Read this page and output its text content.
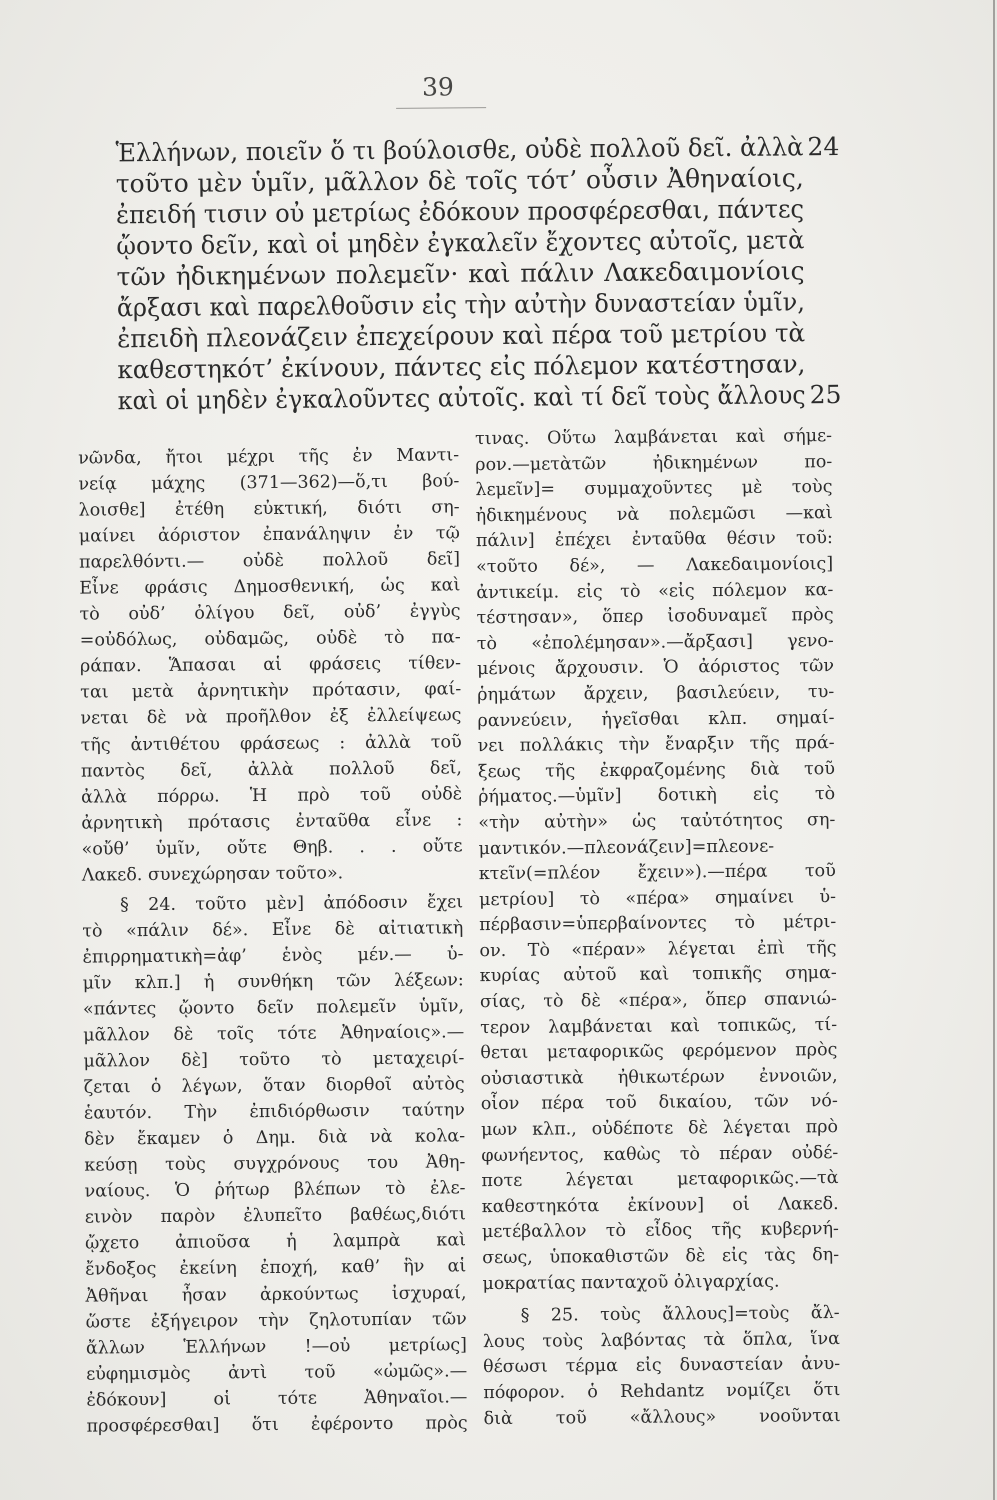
39
Ἑλλήνων, ποιεῖν ὅ τι βούλοισθε, οὐδὲ πολλοῦ δεῖ. ἀλλὰ 24
τοῦτο μὲν ὑμῖν, μᾶλλον δὲ τοῖς τότ’ οὖσιν Ἀθηναίοις,
ἐπειδή τισιν οὐ μετρίως ἐδόκουν προσφέρεσθαι, πάντες
ᾤοντο δεῖν, καὶ οἱ μηδὲν ἐγκαλεῖν ἔχοντες αὐτοῖς, μετὰ
τῶν ἠδικημένων πολεμεῖν· καὶ πάλιν Λακεδαιμονίοις
ἄρξασι καὶ παρελθοῦσιν εἰς τὴν αὐτὴν δυναστείαν ὑμῖν,
ἐπειδὴ πλεονάζειν ἐπεχείρουν καὶ πέρα τοῦ μετρίου τὰ
καθεστηκότ’ ἐκίνουν, πάντες εἰς πόλεμον κατέστησαν,
καὶ οἱ μηδὲν ἐγκαλοῦντες αὐτοῖς. καὶ τί δεῖ τοὺς ἄλλους 25
νῶνδα, ἤτοι μέχρι τῆς ἐν Μαντι-
νείᾳ μάχης (371—362)—ὅ,τι βού-
λοισθε] ἐτέθη εὐκτική, διότι ση-
μαίνει ἀόριστον ἐπανάληψιν ἐν τῷ
παρελθόντι.— οὐδὲ πολλοῦ δεῖ]
Εἶνε φράσις Δημοσθενική, ὡς καὶ
τὸ οὐδ’ ὀλίγου δεῖ, οὐδ’ ἐγγὺς
=οὐδόλως, οὐδαμῶς, οὐδὲ τὸ πα-
ράπαν. Ἅπασαι αἱ φράσεις τίθεν-
ται μετὰ ἀρνητικὴν πρότασιν, φαί-
νεται δὲ νὰ προῆλθον ἐξ ἐλλείψεως
τῆς ἀντιθέτου φράσεως : ἀλλὰ τοῦ
παντὸς δεῖ, ἀλλὰ πολλοῦ δεῖ,
ἀλλὰ πόρρω. Ἡ πρὸ τοῦ οὐδὲ
ἀρνητικὴ πρότασις ἐνταῦθα εἶνε :
«οὔθ’ ὑμῖν, οὔτε Θηβ. . . οὔτε
Λακεδ. συνεχώρησαν τοῦτο».
§ 24. τοῦτο μὲν] ἀπόδοσιν ἔχει
τὸ «πάλιν δέ». Εἶνε δὲ αἰτιατικὴ
ἐπιρρηματικὴ=ἀφ’ ἑνὸς μέν.— ὑ-
μῖν κλπ.] ἡ συνθήκη τῶν λέξεων:
«πάντες ᾤοντο δεῖν πολεμεῖν ὑμῖν,
μᾶλλον δὲ τοῖς τότε Ἀθηναίοις».—
μᾶλλον δὲ] τοῦτο τὸ μεταχειρί-
ζεται ὁ λέγων, ὅταν διορθοῖ αὐτὸς
ἑαυτόν. Τὴν ἐπιδιόρθωσιν ταύτην
δὲν ἔκαμεν ὁ Δημ. διὰ νὰ κολα-
κεύσῃ τοὺς συγχρόνους του Ἀθη-
ναίους. Ὁ ῥήτωρ βλέπων τὸ ἐλε-
εινὸν παρὸν ἐλυπεῖτο βαθέως,διότι
ᾤχετο ἀπιοῦσα ἡ λαμπρὰ καὶ
ἔνδοξος ἐκείνη ἐποχή, καθ’ ἣν αἱ
Ἀθῆναι ἦσαν ἀρκούντως ἰσχυραί,
ὥστε ἐξήγειρον τὴν ζηλοτυπίαν τῶν
ἄλλων Ἑλλήνων !—οὐ μετρίως]
εὐφημισμὸς ἀντὶ τοῦ «ὠμῶς».—
ἐδόκουν] οἱ τότε Ἀθηναῖοι.—
προσφέρεσθαι] ὅτι ἐφέροντο πρὸς
τινας. Οὕτω λαμβάνεται καὶ σήμε-
ρον.—μετὰτῶν ἠδικημένων πο-
λεμεῖν]= συμμαχοῦντες μὲ τοὺς
ἠδικημένους νὰ πολεμῶσι —καὶ
πάλιν] ἐπέχει ἐνταῦθα θέσιν τοῦ:
«τοῦτο δέ», — Λακεδαιμονίοις]
ἀντικείμ. εἰς τὸ «εἰς πόλεμον κα-
τέστησαν», ὅπερ ἰσοδυναμεῖ πρὸς
τὸ «ἐπολέμησαν».—ἄρξασι] γενο-
μένοις ἄρχουσιν. Ὁ ἀόριστος τῶν
ῥημάτων ἄρχειν, βασιλεύειν, τυ-
ραννεύειν, ἡγεῖσθαι κλπ. σημαί-
νει πολλάκις τὴν ἔναρξιν τῆς πρά-
ξεως τῆς ἐκφραζομένης διὰ τοῦ
ῥήματος.—ὑμῖν] δοτικὴ εἰς τὸ
«τὴν αὐτὴν» ὡς ταὐτότητος ση-
μαντικόν.—πλεονάζειν]=πλεονε-
κτεῖν(=πλέον ἔχειν»).—πέρα τοῦ
μετρίου] τὸ «πέρα» σημαίνει ὑ-
πέρβασιν=ὑπερβαίνοντες τὸ μέτρι-
ον. Τὸ «πέραν» λέγεται ἐπὶ τῆς
κυρίας αὐτοῦ καὶ τοπικῆς σημα-
σίας, τὸ δὲ «πέρα», ὅπερ σπανιώ-
τερον λαμβάνεται καὶ τοπικῶς, τί-
θεται μεταφορικῶς φερόμενον πρὸς
οὐσιαστικὰ ἠθικωτέρων ἐννοιῶν,
οἷον πέρα τοῦ δικαίου, τῶν νό-
μων κλπ., οὐδέποτε δὲ λέγεται πρὸ
φωνήεντος, καθὼς τὸ πέραν οὐδέ-
ποτε λέγεται μεταφορικῶς.—τὰ
καθεστηκότα ἐκίνουν] οἱ Λακεδ.
μετέβαλλον τὸ εἶδος τῆς κυβερνή-
σεως, ὑποκαθιστῶν δὲ εἰς τὰς δη-
μοκρατίας πανταχοῦ ὀλιγαρχίας.
§ 25. τοὺς ἄλλους]=τοὺς ἄλ-
λους τοὺς λαβόντας τὰ ὅπλα, ἵνα
θέσωσι τέρμα εἰς δυναστείαν ἀνυ-
πόφορον. ὁ Rehdantz νομίζει ὅτι
διὰ τοῦ «ἄλλους» νοοῦνται
